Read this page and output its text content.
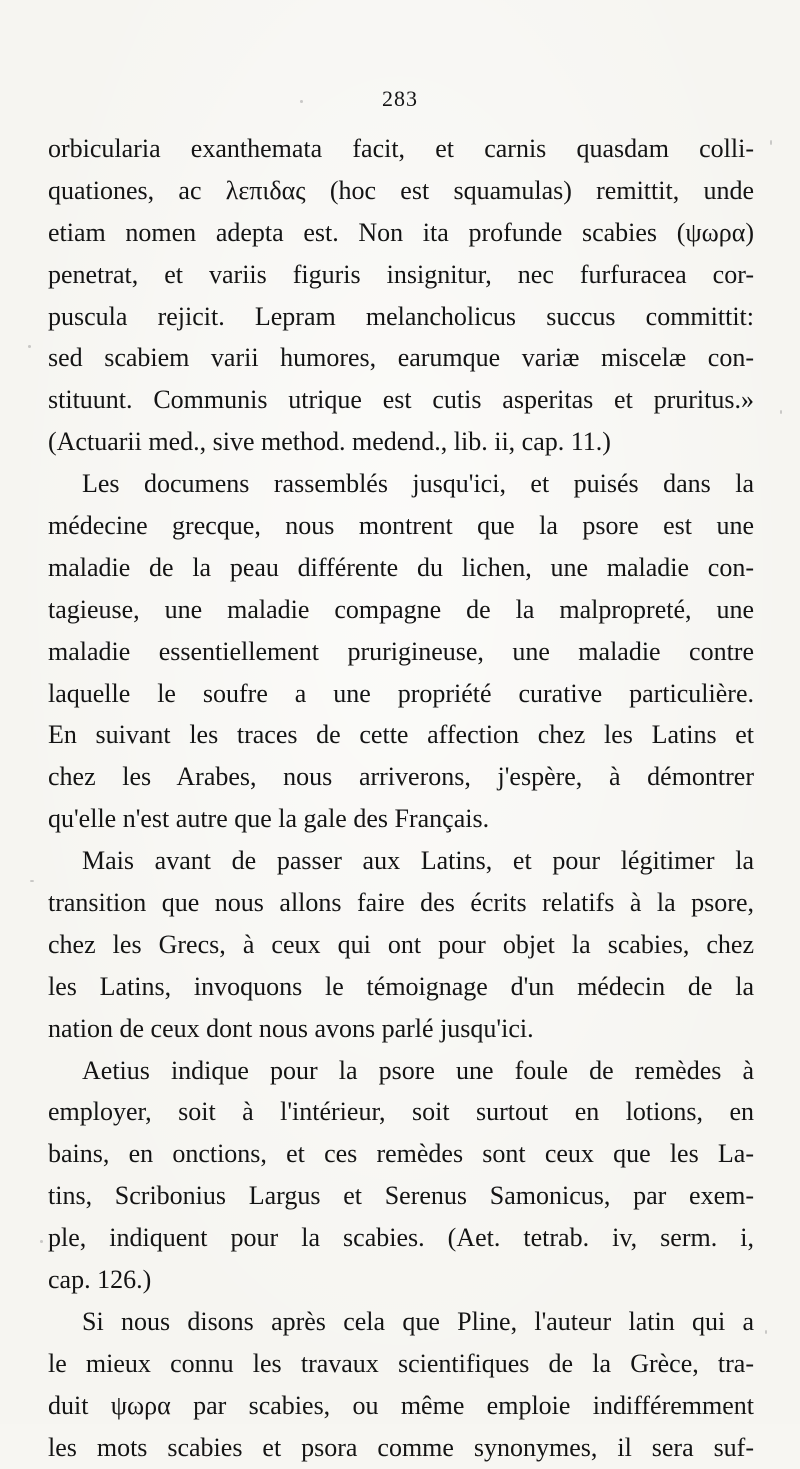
283
orbicularia exanthemata facit, et carnis quasdam colli-
quationes, ac λεπιδας (hoc est squamulas) remittit, unde
etiam nomen adepta est. Non ita profunde scabies (ψωρα)
penetrat, et variis figuris insignitur, nec furfuracea cor-
puscula rejicit. Lepram melancholicus succus committit:
sed scabiem varii humores, earumque variæ miscelæ con-
stituunt. Communis utrique est cutis asperitas et pruritus.»
(Actuarii med., sive method. medend., lib. ii, cap. 11.)
Les documens rassemblés jusqu'ici, et puisés dans la
médecine grecque, nous montrent que la psore est une
maladie de la peau différente du lichen, une maladie con-
tagieuse, une maladie compagne de la malpropreté, une
maladie essentiellement prurigineuse, une maladie contre
laquelle le soufre a une propriété curative particulière.
En suivant les traces de cette affection chez les Latins et
chez les Arabes, nous arriverons, j'espère, à démontrer
qu'elle n'est autre que la gale des Français.
Mais avant de passer aux Latins, et pour légitimer la
transition que nous allons faire des écrits relatifs à la psore,
chez les Grecs, à ceux qui ont pour objet la scabies, chez
les Latins, invoquons le témoignage d'un médecin de la
nation de ceux dont nous avons parlé jusqu'ici.
Aetius indique pour la psore une foule de remèdes à
employer, soit à l'intérieur, soit surtout en lotions, en
bains, en onctions, et ces remèdes sont ceux que les La-
tins, Scribonius Largus et Serenus Samonicus, par exem-
ple, indiquent pour la scabies. (Aet. tetrab. iv, serm. i,
cap. 126.)
Si nous disons après cela que Pline, l'auteur latin qui a
le mieux connu les travaux scientifiques de la Grèce, tra-
duit ψωρα par scabies, ou même emploie indifféremment
les mots scabies et psora comme synonymes, il sera suf-
